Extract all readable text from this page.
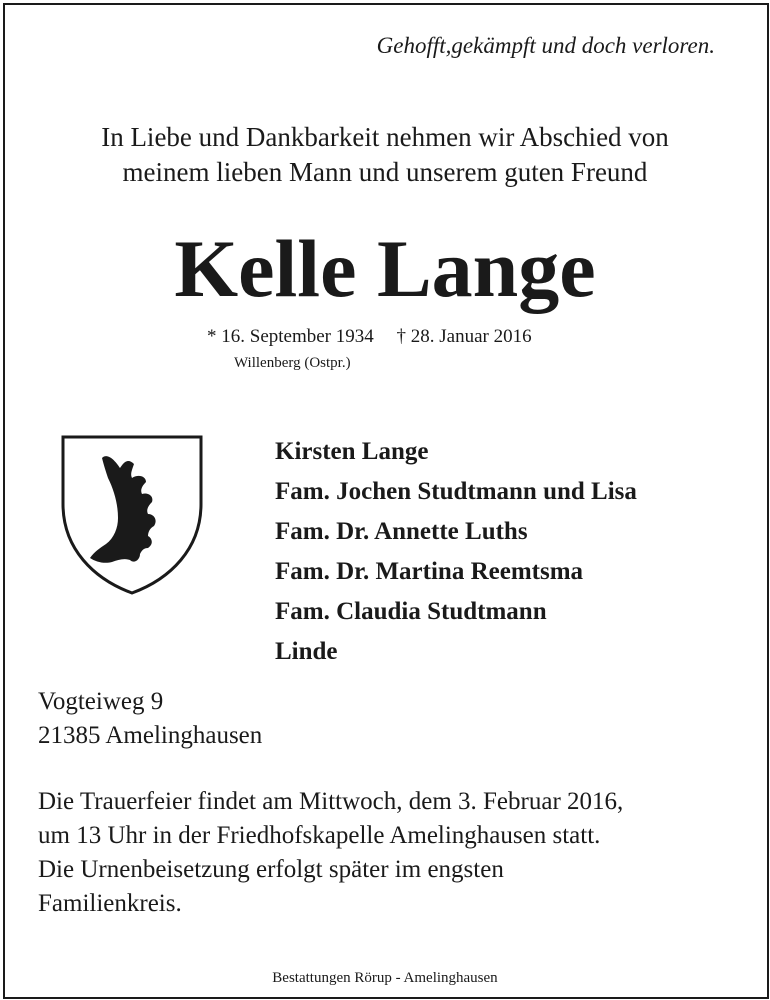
Gehofft,gekämpft und doch verloren.
In Liebe und Dankbarkeit nehmen wir Abschied von
meinem lieben Mann und unserem guten Freund
Kelle Lange
* 16. September 1934 † 28. Januar 2016
Willenberg (Ostpr.)
Kirsten Lange
Fam. Jochen Studtmann und Lisa
Fam. Dr. Annette Luths
Fam. Dr. Martina Reemtsma
Fam. Claudia Studtmann
Linde
Vogteiweg 9
21385 Amelinghausen
Die Trauerfeier findet am Mittwoch, dem 3. Februar 2016,
um 13 Uhr in der Friedhofskapelle Amelinghausen statt.
Die Urnenbeisetzung erfolgt später im engsten
Familienkreis.
Bestattungen Rörup - Amelinghausen
